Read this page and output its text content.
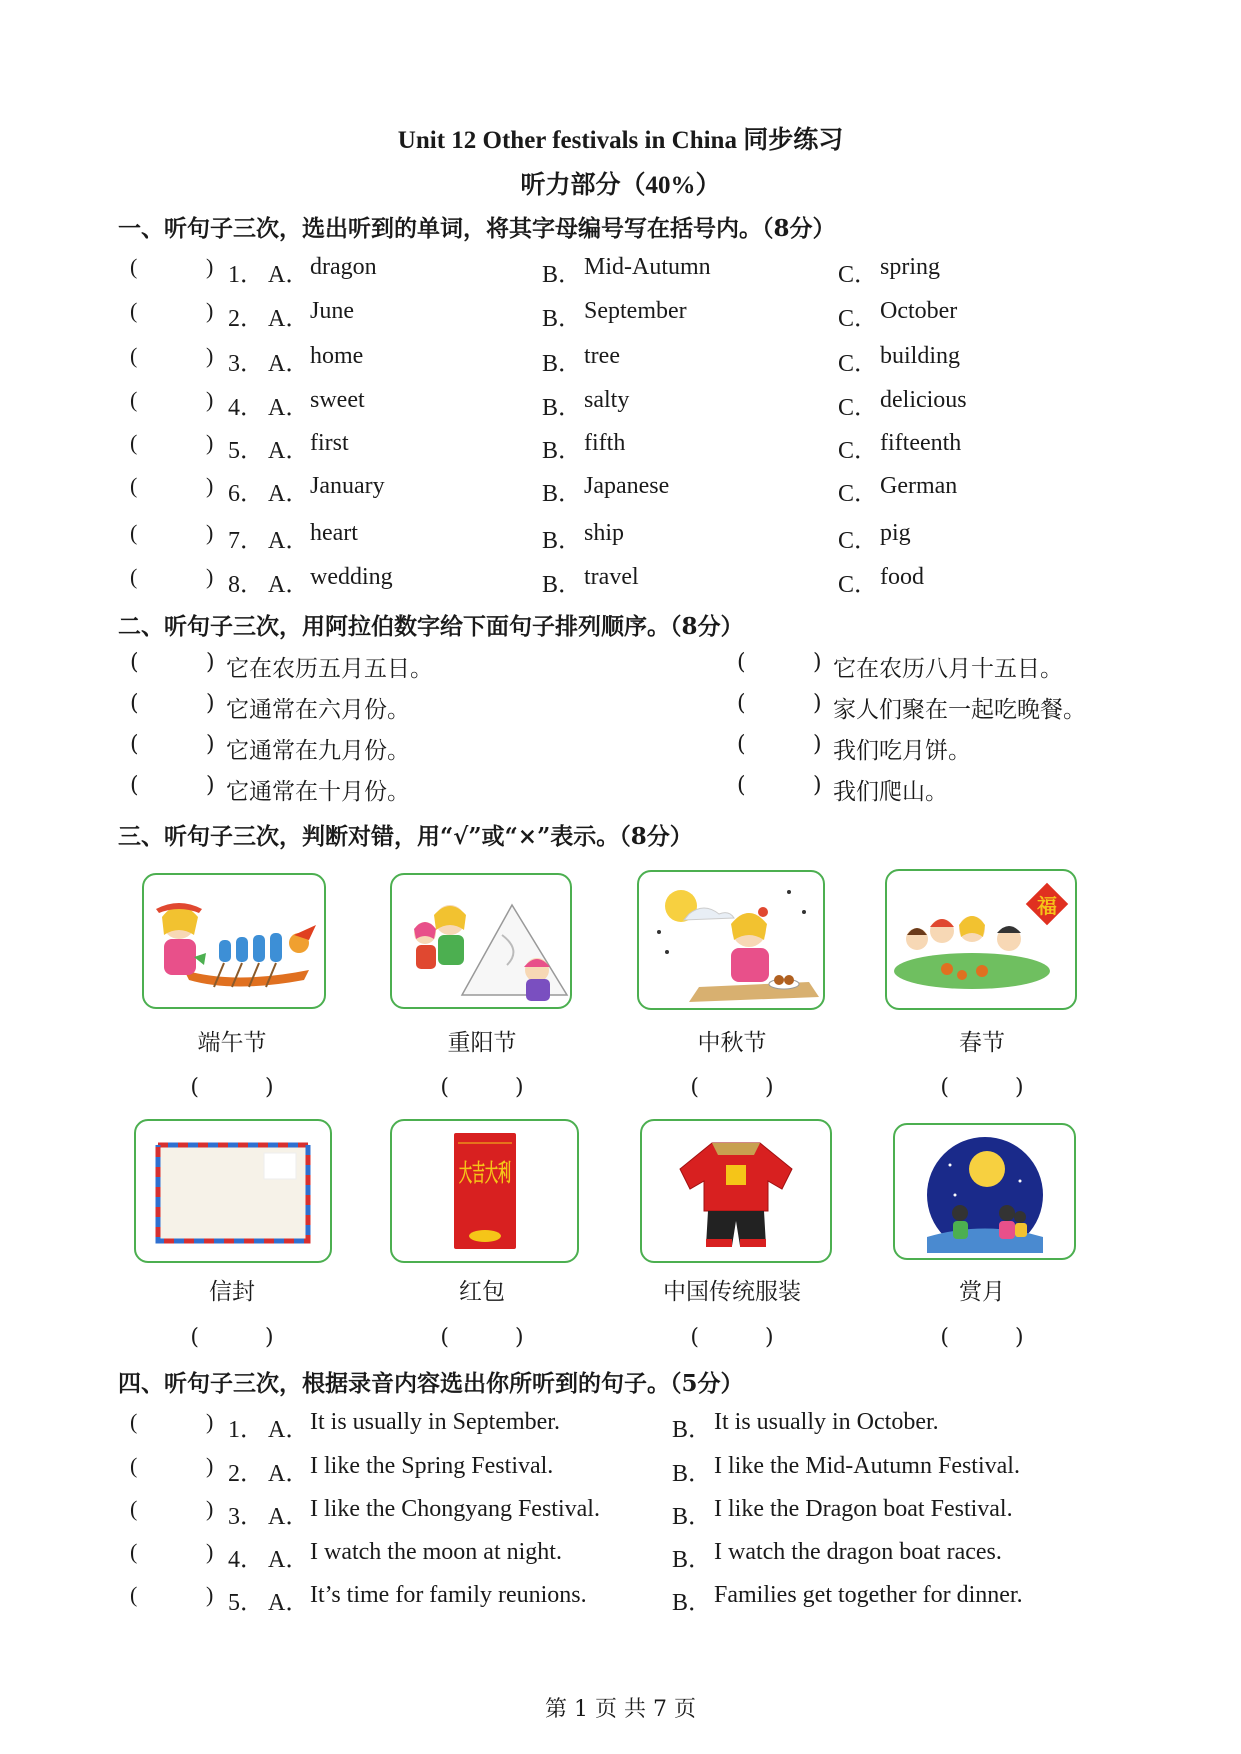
Unit 12 Other festivals in China 同步练习
听力部分（40%）
一、听句子三次，选出听到的单词，将其字母编号写在括号内。（8分）
(	) 1． A． dragon	B． Mid-Autumn	C． spring
(	) 2． A． June	B． September	C． October
(	) 3． A． home	B． tree	C． building
(	) 4． A． sweet	B． salty	C． delicious
(	) 5． A． first	B． fifth	C． fifteenth
(	) 6． A． January	B． Japanese	C． German
(	) 7． A． heart	B． ship	C． pig
(	) 8． A． wedding	B． travel	C． food
二、听句子三次，用阿拉伯数字给下面句子排列顺序。（8分）
(	) 它在农历五月五日。
(	) 它通常在六月份。
(	) 它通常在九月份。
(	) 它通常在十月份。
(	) 它在农历八月十五日。
(	) 家人们聚在一起吃晚餐。
(	) 我们吃月饼。
(	) 我们爬山。
三、听句子三次，判断对错，用“√”或“×”表示。（8分）
福
端午节	重阳节	中秋节	春节
(　　　)	(　　　)	(　　　)	(　　　)
大吉大利
信封	红包	中国传统服装	赏月
(　　　)	(　　　)	(　　　)	(　　　)
四、听句子三次，根据录音内容选出你所听到的句子。（5分）
(	) 1． A． It is usually in September.	B． It is usually in October.
(	) 2． A． I like the Spring Festival.	B． I like the Mid-Autumn Festival.
(	) 3． A． I like the Chongyang Festival.	B． I like the Dragon boat Festival.
(	) 4． A． I watch the moon at night.	B． I watch the dragon boat races.
(	) 5． A． It’s time for family reunions.	B． Families get together for dinner.
第 1 页 共 7 页
